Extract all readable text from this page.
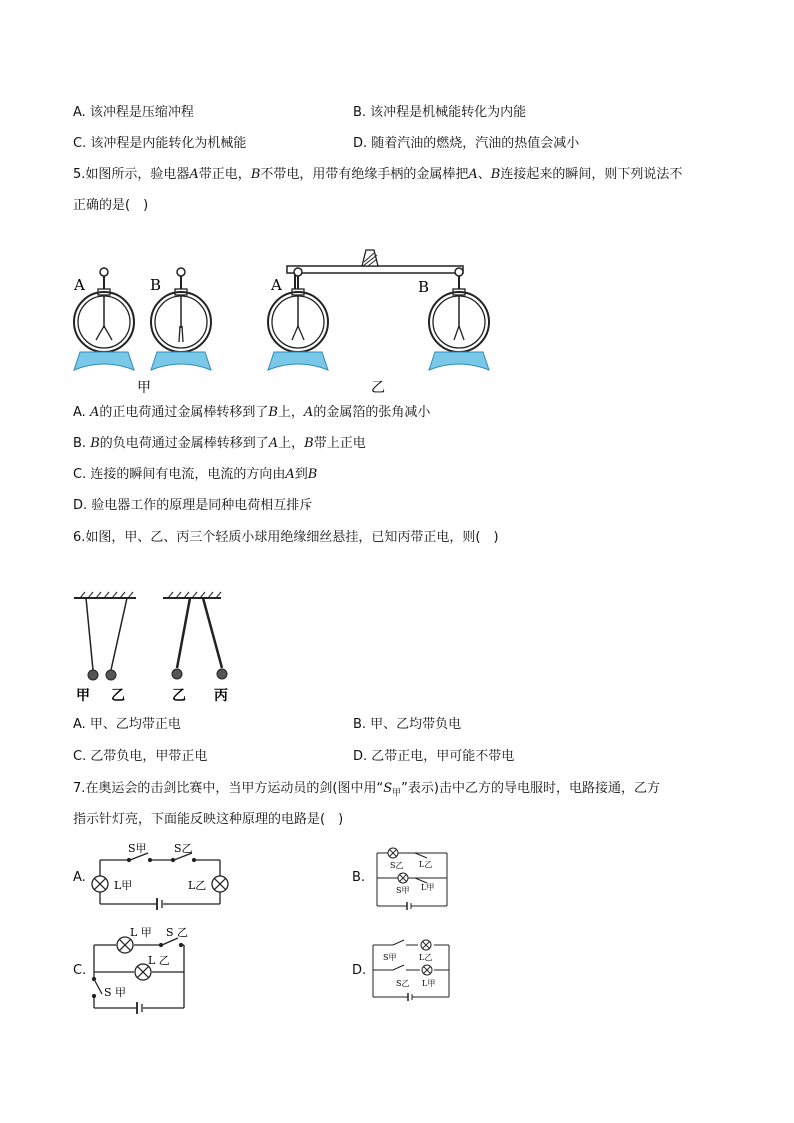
A. 该冲程是压缩冲程	B. 该冲程是机械能转化为内能
C. 该冲程是内能转化为机械能	D. 随着汽油的燃烧，汽油的热值会减小
5.如图所示，验电器A带正电，B不带电，用带有绝缘手柄的金属棒把A、B连接起来的瞬间，则下列说法不
正确的是(　)
A	B	A	B
甲	乙
A. A的正电荷通过金属棒转移到了B上，A的金属箔的张角减小
B. B的负电荷通过金属棒转移到了A上，B带上正电
C. 连接的瞬间有电流，电流的方向由A到B
D. 验电器工作的原理是同种电荷相互排斥
6.如图，甲、乙、丙三个轻质小球用绝缘细丝悬挂，已知丙带正电，则(　)
甲 乙	乙 丙
A. 甲、乙均带正电	B. 甲、乙均带负电
C. 乙带负电，甲带正电	D. 乙带正电，甲可能不带电
7.在奥运会的击剑比赛中，当甲方运动员的剑(图中用“$S_甲$”表示)击中乙方的导电服时，电路接通，乙方
指示针灯亮，下面能反映这种原理的电路是(　)
A.	B.
C.	D.
S甲 S乙
L甲	L乙
S乙 L乙
S甲 L甲
L 甲 S 乙
L 乙
S 甲
S甲	L乙
S乙 L甲
